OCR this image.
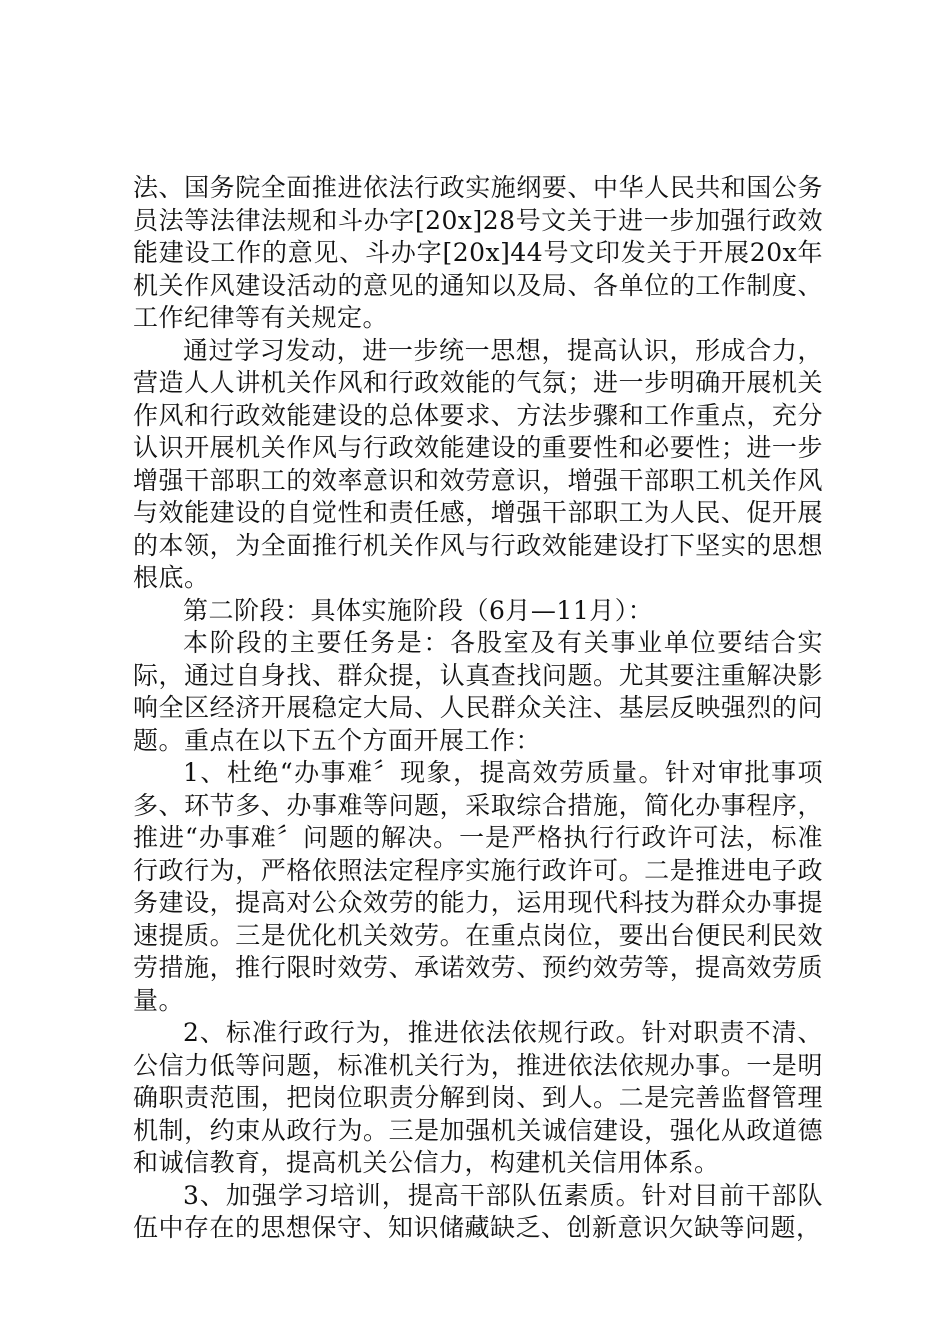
法、国务院全面推进依法行政实施纲要、中华人民共和国公务员法等法律法规和斗办字[20x]28号文关于进一步加强行政效能建设工作的意见、斗办字[20x]44号文印发关于开展20x年机关作风建设活动的意见的通知以及局、各单位的工作制度、工作纪律等有关规定。

通过学习发动，进一步统一思想，提高认识，形成合力，营造人人讲机关作风和行政效能的气氛；进一步明确开展机关作风和行政效能建设的总体要求、方法步骤和工作重点，充分认识开展机关作风与行政效能建设的重要性和必要性；进一步增强干部职工的效率意识和效劳意识，增强干部职工机关作风与效能建设的自觉性和责任感，增强干部职工为人民、促开展的本领，为全面推行机关作风与行政效能建设打下坚实的思想根底。

第二阶段：具体实施阶段（6月—11月）：

本阶段的主要任务是：各股室及有关事业单位要结合实际，通过自身找、群众提，认真查找问题。尤其要注重解决影响全区经济开展稳定大局、人民群众关注、基层反映强烈的问题。重点在以下五个方面开展工作：

1、杜绝“办事难〞现象，提高效劳质量。针对审批事项多、环节多、办事难等问题，采取综合措施，简化办事程序，推进“办事难〞问题的解决。一是严格执行行政许可法，标准行政行为，严格依照法定程序实施行政许可。二是推进电子政务建设，提高对公众效劳的能力，运用现代科技为群众办事提速提质。三是优化机关效劳。在重点岗位，要出台便民利民效劳措施，推行限时效劳、承诺效劳、预约效劳等，提高效劳质量。

2、标准行政行为，推进依法依规行政。针对职责不清、公信力低等问题，标准机关行为，推进依法依规办事。一是明确职责范围，把岗位职责分解到岗、到人。二是完善监督管理机制，约束从政行为。三是加强机关诚信建设，强化从政道德和诚信教育，提高机关公信力，构建机关信用体系。

3、加强学习培训，提高干部队伍素质。针对目前干部队伍中存在的思想保守、知识储藏缺乏、创新意识欠缺等问题，
